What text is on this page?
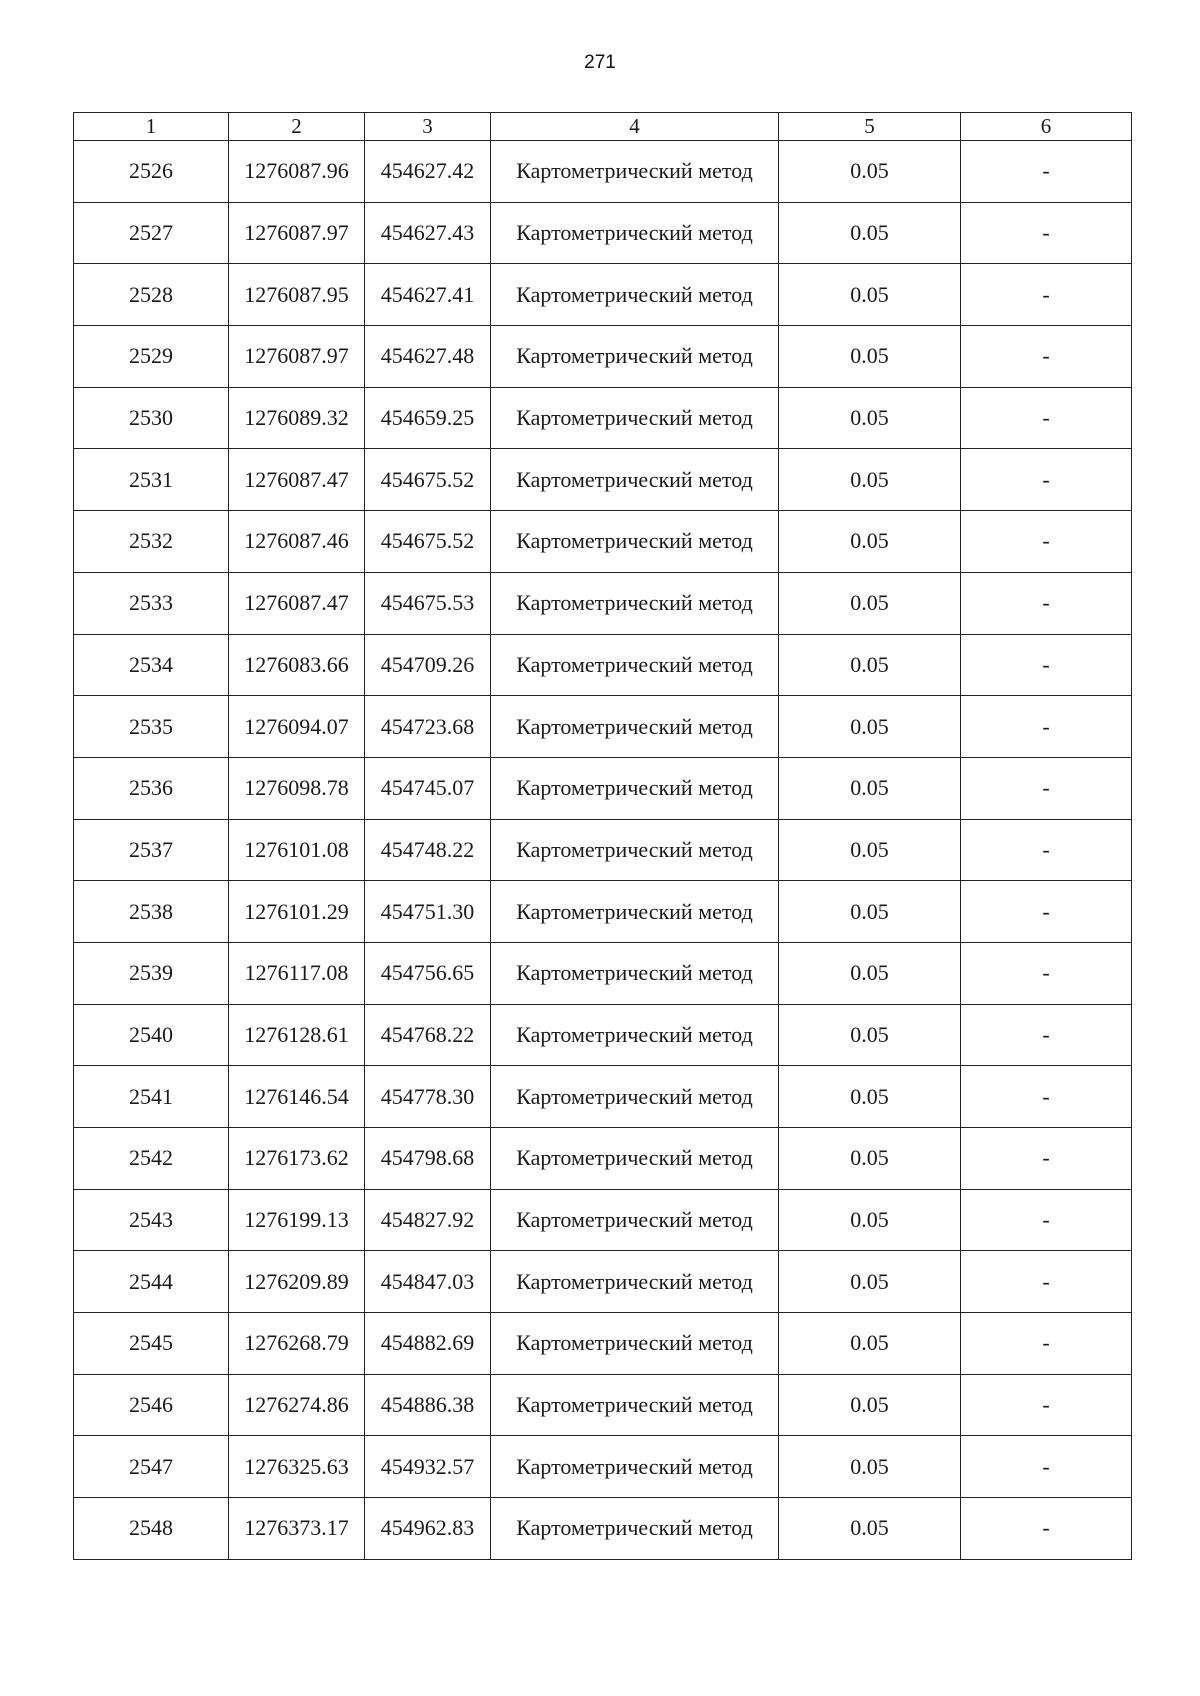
271
1	2	3	4	5	6
2526	1276087.96	454627.42	Картометрический метод	0.05	-
2527	1276087.97	454627.43	Картометрический метод	0.05	-
2528	1276087.95	454627.41	Картометрический метод	0.05	-
2529	1276087.97	454627.48	Картометрический метод	0.05	-
2530	1276089.32	454659.25	Картометрический метод	0.05	-
2531	1276087.47	454675.52	Картометрический метод	0.05	-
2532	1276087.46	454675.52	Картометрический метод	0.05	-
2533	1276087.47	454675.53	Картометрический метод	0.05	-
2534	1276083.66	454709.26	Картометрический метод	0.05	-
2535	1276094.07	454723.68	Картометрический метод	0.05	-
2536	1276098.78	454745.07	Картометрический метод	0.05	-
2537	1276101.08	454748.22	Картометрический метод	0.05	-
2538	1276101.29	454751.30	Картометрический метод	0.05	-
2539	1276117.08	454756.65	Картометрический метод	0.05	-
2540	1276128.61	454768.22	Картометрический метод	0.05	-
2541	1276146.54	454778.30	Картометрический метод	0.05	-
2542	1276173.62	454798.68	Картометрический метод	0.05	-
2543	1276199.13	454827.92	Картометрический метод	0.05	-
2544	1276209.89	454847.03	Картометрический метод	0.05	-
2545	1276268.79	454882.69	Картометрический метод	0.05	-
2546	1276274.86	454886.38	Картометрический метод	0.05	-
2547	1276325.63	454932.57	Картометрический метод	0.05	-
2548	1276373.17	454962.83	Картометрический метод	0.05	-
